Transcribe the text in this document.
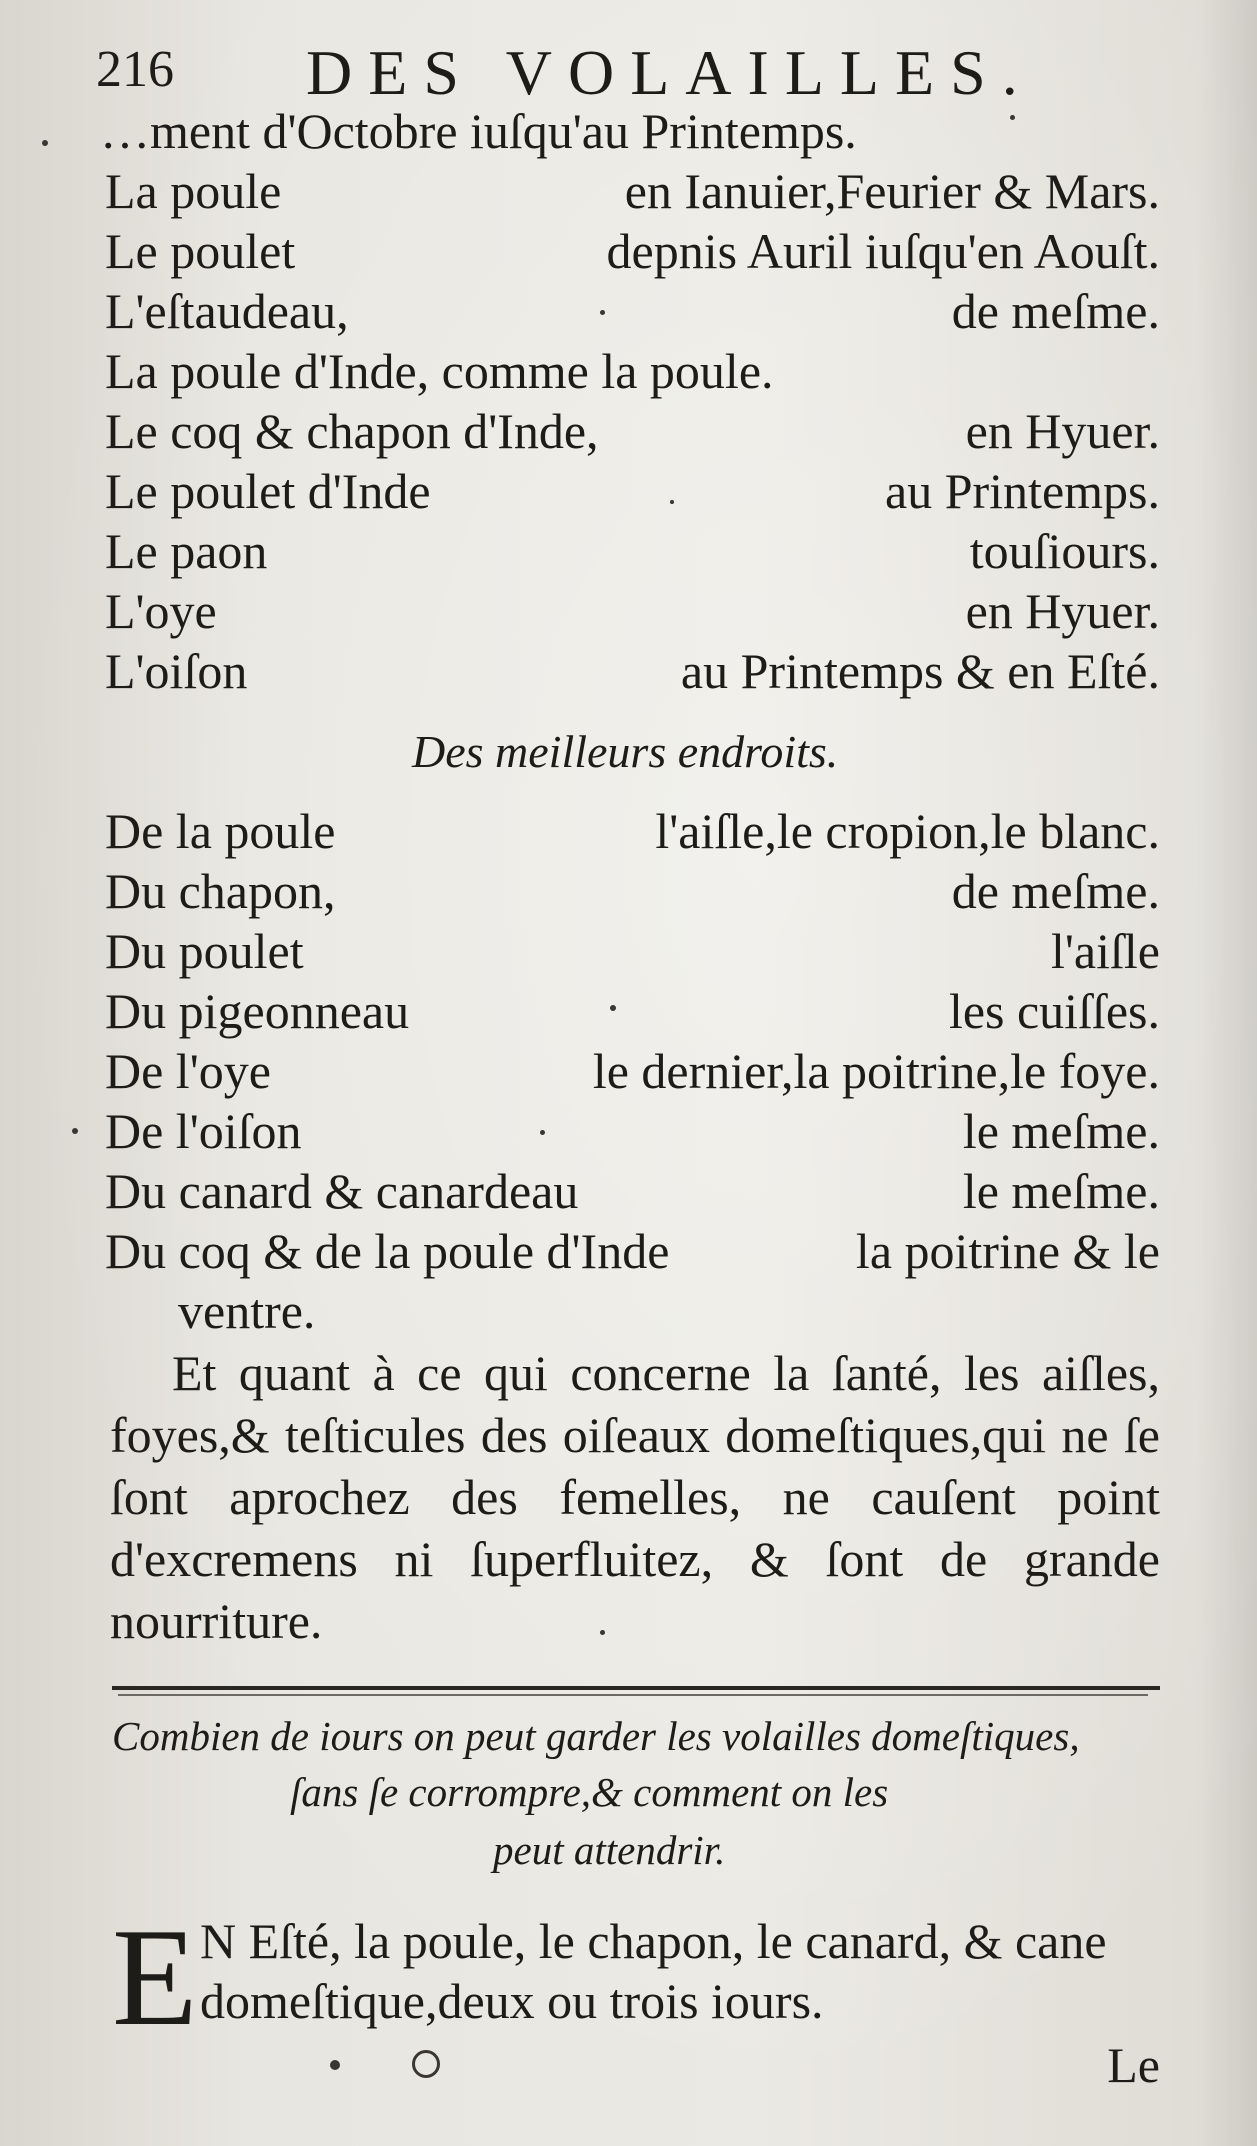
216 DES VOLAILLES.
…ment d'Octobre iuſqu'au Printemps.
La poule	en Ianuier,Feurier & Mars.
Le poulet	depnis Auril iuſqu'en Aouſt.
L'eſtaudeau,	de meſme.
La poule d'Inde, comme la poule.
Le coq & chapon d'Inde,	en Hyuer.
Le poulet d'Inde	au Printemps.
Le paon	touſiours.
L'oye	en Hyuer.
L'oiſon	au Printemps & en Eſté.
Des meilleurs endroits.
De la poule	l'aiſle,le cropion,le blanc.
Du chapon,	de meſme.
Du poulet	l'aiſle
Du pigeonneau	les cuiſſes.
De l'oye	le dernier,la poitrine,le foye.
De l'oiſon	le meſme.
Du canard & canardeau	le meſme.
Du coq & de la poule d'Inde	la poitrine & le
ventre.
Et quant à ce qui concerne la ſanté, les aiſles, foyes,& teſticules des oiſeaux domeſtiques,qui ne ſe ſont aprochez des femelles, ne cauſent point d'excremens ni ſuperfluitez, & ſont de grande nourriture.
Combien de iours on peut garder les volailles domeſtiques,
ſans ſe corrompre,& comment on les
peut attendrir.
E N Eſté, la poule, le chapon, le canard, & cane
domeſtique,deux ou trois iours.
Le
